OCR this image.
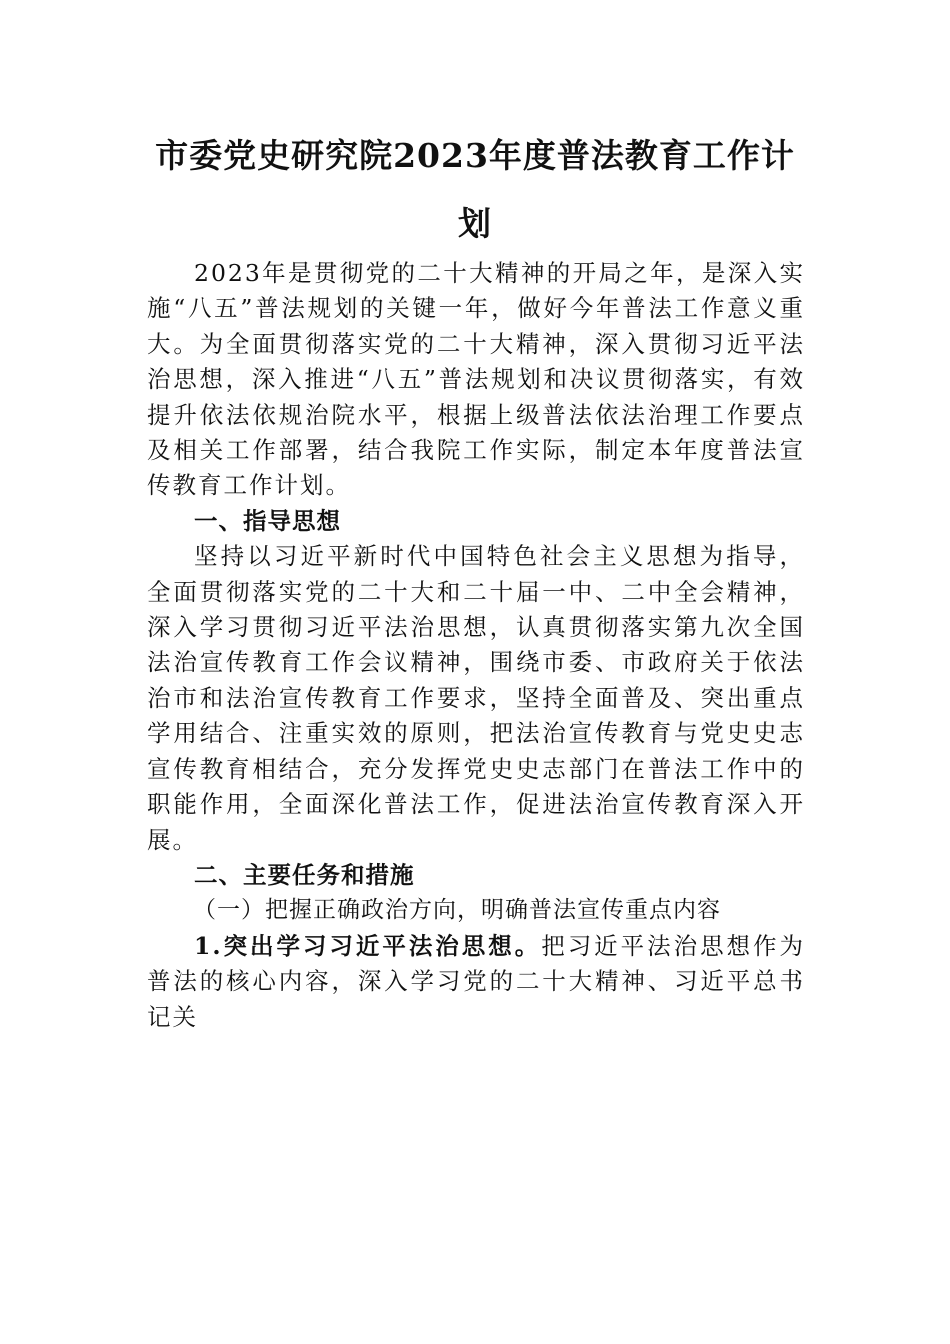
市委党史研究院2023年度普法教育工作计划

2023年是贯彻党的二十大精神的开局之年，是深入实施“八五”普法规划的关键一年，做好今年普法工作意义重大。为全面贯彻落实党的二十大精神，深入贯彻习近平法治思想，深入推进“八五”普法规划和决议贯彻落实，有效提升依法依规治院水平，根据上级普法依法治理工作要点及相关工作部署，结合我院工作实际，制定本年度普法宣传教育工作计划。

一、指导思想

坚持以习近平新时代中国特色社会主义思想为指导，全面贯彻落实党的二十大和二十届一中、二中全会精神，深入学习贯彻习近平法治思想，认真贯彻落实第九次全国法治宣传教育工作会议精神，围绕市委、市政府关于依法治市和法治宣传教育工作要求，坚持全面普及、突出重点学用结合、注重实效的原则，把法治宣传教育与党史史志宣传教育相结合，充分发挥党史史志部门在普法工作中的职能作用，全面深化普法工作，促进法治宣传教育深入开展。

二、主要任务和措施
（一）把握正确政治方向，明确普法宣传重点内容

1.突出学习习近平法治思想。把习近平法治思想作为普法的核心内容，深入学习党的二十大精神、习近平总书记关
